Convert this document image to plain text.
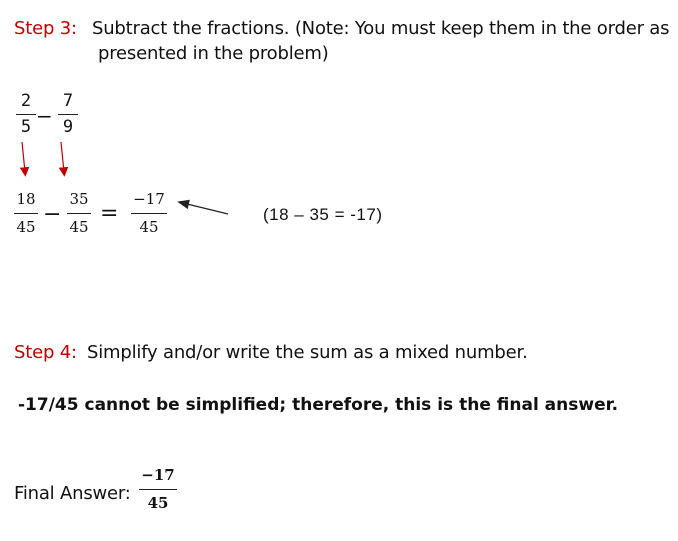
Step 3: Subtract the fractions. (Note: You must keep them in the order as
presented in the problem)
2
5 −
7
9
18
45 −
35
45
=
−17
45
(18 – 35 = -17)
Step 4: Simplify and/or write the sum as a mixed number.
-17/45 cannot be simplified; therefore, this is the final answer.
Final Answer:
−17
45
